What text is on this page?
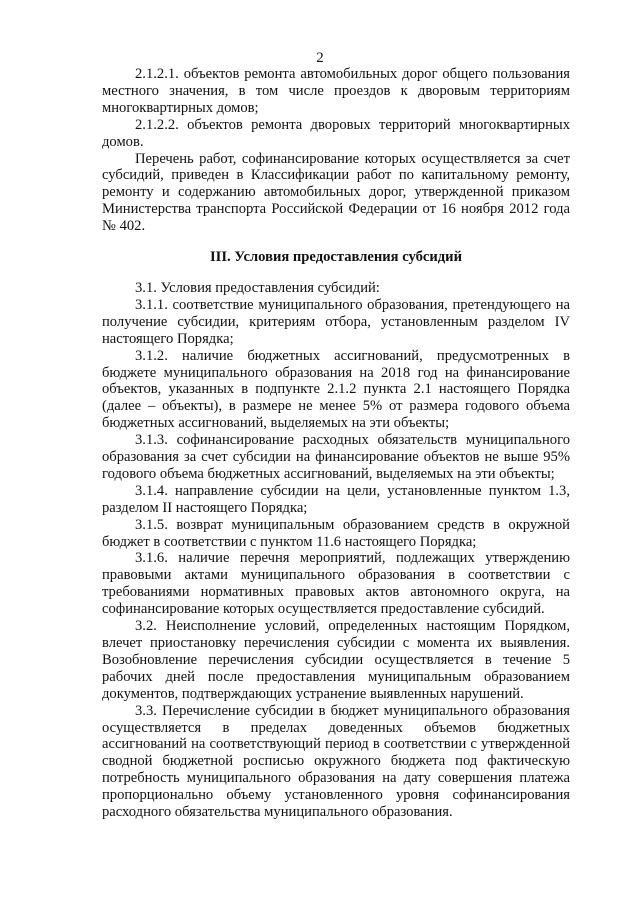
2

2.1.2.1. объектов ремонта автомобильных дорог общего пользования местного значения, в том числе проездов к дворовым территориям многоквартирных домов;

2.1.2.2. объектов ремонта дворовых территорий многоквартирных домов.

Перечень работ, софинансирование которых осуществляется за счет субсидий, приведен в Классификации работ по капитальному ремонту, ремонту и содержанию автомобильных дорог, утвержденной приказом Министерства транспорта Российской Федерации от 16 ноября 2012 года № 402.

III. Условия предоставления субсидий

3.1. Условия предоставления субсидий:

3.1.1. соответствие муниципального образования, претендующего на получение субсидии, критериям отбора, установленным разделом IV настоящего Порядка;

3.1.2. наличие бюджетных ассигнований, предусмотренных в бюджете муниципального образования на 2018 год на финансирование объектов, указанных в подпункте 2.1.2 пункта 2.1 настоящего Порядка (далее – объекты), в размере не менее 5% от размера годового объема бюджетных ассигнований, выделяемых на эти объекты;

3.1.3. софинансирование расходных обязательств муниципального образования за счет субсидии на финансирование объектов не выше 95% годового объема бюджетных ассигнований, выделяемых на эти объекты;

3.1.4. направление субсидии на цели, установленные пунктом 1.3, разделом II настоящего Порядка;

3.1.5. возврат муниципальным образованием средств в окружной бюджет в соответствии с пунктом 11.6 настоящего Порядка;

3.1.6. наличие перечня мероприятий, подлежащих утверждению правовыми актами муниципального образования в соответствии с требованиями нормативных правовых актов автономного округа, на софинансирование которых осуществляется предоставление субсидий.

3.2. Неисполнение условий, определенных настоящим Порядком, влечет приостановку перечисления субсидии с момента их выявления. Возобновление перечисления субсидии осуществляется в течение 5 рабочих дней после предоставления муниципальным образованием документов, подтверждающих устранение выявленных нарушений.

3.3. Перечисление субсидии в бюджет муниципального образования осуществляется в пределах доведенных объемов бюджетных ассигнований на соответствующий период в соответствии с утвержденной сводной бюджетной росписью окружного бюджета под фактическую потребность муниципального образования на дату совершения платежа пропорционально объему установленного уровня софинансирования расходного обязательства муниципального образования.
